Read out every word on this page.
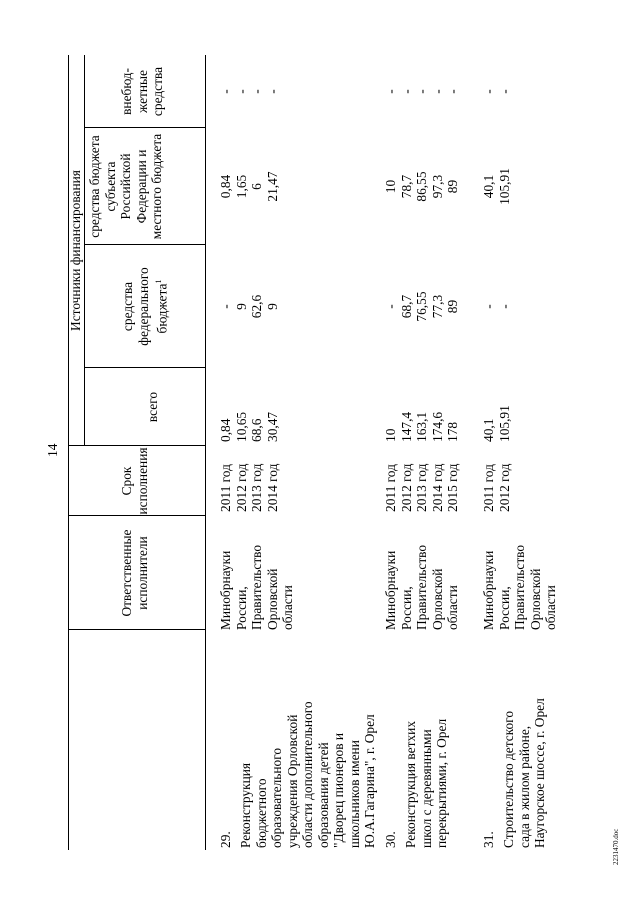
14
Источники финансирования
Ответственные исполнители
Срок исполнения
всего
средства федерального бюджета$^1$
средства бюджета субъекта Российской Федерации и местного бюджета
внебюд-жетные средства
29. Реконструкция бюджетного образовательного учреждения Орловской области дополнительного образования детей "Дворец пионеров и школьников имени Ю.А.Гагарина", г. Орел
Минобрнауки России, Правительство Орловской области
2011 год 2012 год 2013 год 2014 год
0,84 10,65 68,6 30,47
- 9 62,6 9
0,84 1,65 6 21,47
- - - -
30. Реконструкция ветхих школ с деревянными перекрытиями, г. Орел
Минобрнауки России, Правительство Орловской области
2011 год 2012 год 2013 год 2014 год 2015 год
10 147,4 163,1 174,6 178
- 68,7 76,55 77,3 89
10 78,7 86,55 97,3 89
- - - - -
31. Строительство детского сада в жилом районе, Наугорское шоссе, г. Орел
Минобрнауки России, Правительство Орловской области
2011 год 2012 год
40,1 105,91
- -
40,1 105,91
- -
2231470.doc
